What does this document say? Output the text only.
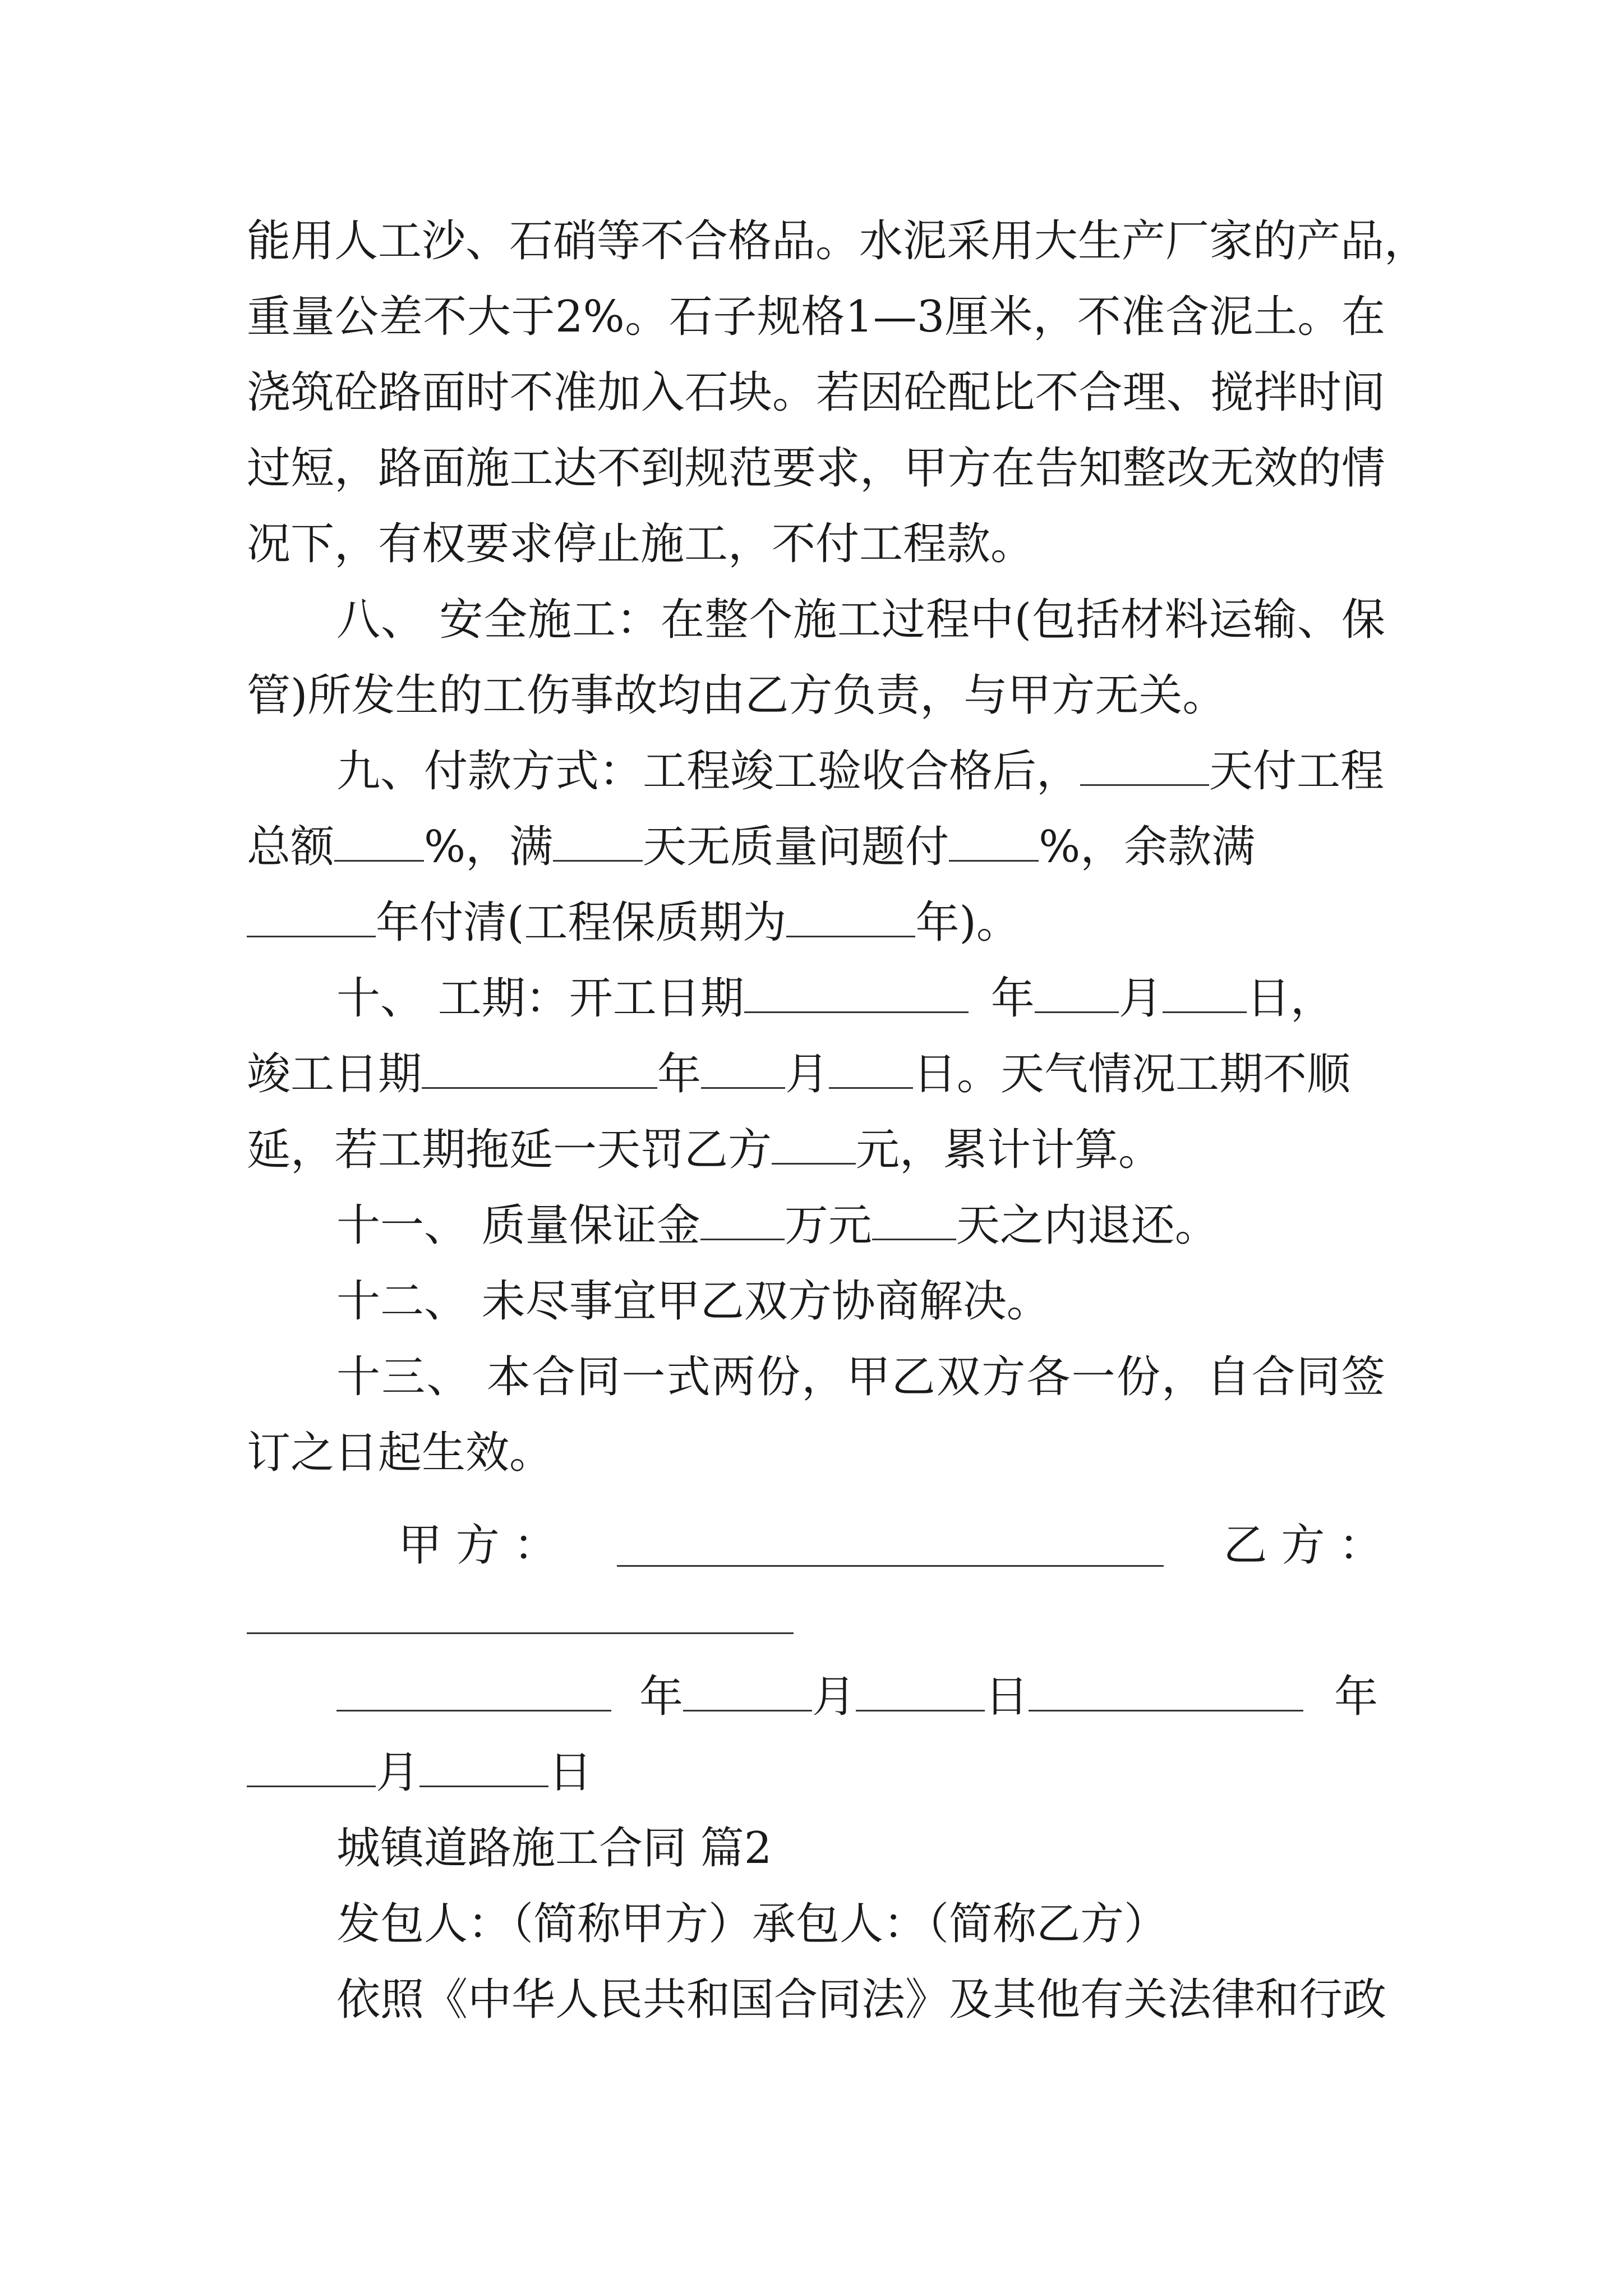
能用人工沙、石硝等不合格品。水泥采用大生产厂家的产品，
重量公差不大于2%。石子规格1—3厘米，不准含泥土。在
浇筑砼路面时不准加入石块。若因砼配比不合理、搅拌时间
过短，路面施工达不到规范要求，甲方在告知整改无效的情
况下，有权要求停止施工，不付工程款。
八、 安全施工：在整个施工过程中(包括材料运输、保
管)所发生的工伤事故均由乙方负责，与甲方无关。
九、付款方式：工程竣工验收合格后，	天付工程
总额 %，满 天无质量问题付 %，余款满
年付清(工程保质期为	年)。
十、 工期：开工日期	年 月 日，
竣工日期	年 月 日。天气情况工期不顺
延，若工期拖延一天罚乙方 元，累计计算。
十一、 质量保证金 万元 天之内退还。
十二、 未尽事宜甲乙双方协商解决。
十三、 本合同一式两份，甲乙双方各一份，自合同签
订之日起生效。
甲 方 ：	乙 方 ：
年	月	日	年
月	日
城镇道路施工合同 篇2
发包人：（简称甲方）承包人：（简称乙方）
依照《中华人民共和国合同法》及其他有关法律和行政
